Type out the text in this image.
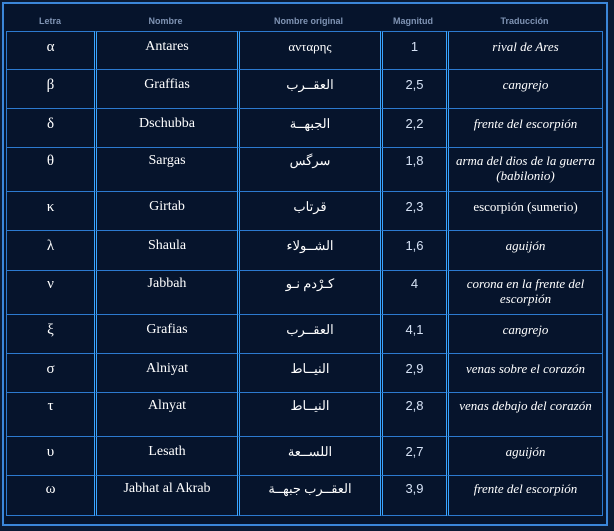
Letra	Nombre	Nombre original	Magnitud	Traducción
α	Antares	ανταρης	1	rival de Ares
β	Graffias	العقــرب	2,5	cangrejo
δ	Dschubba	الجبهــة	2,2	frente del escorpión
θ	Sargas	سرگس	1,8	arma del dios de la guerra (babilonio)
κ	Girtab	قرتاب	2,3	escorpión (sumerio)
λ	Shaula	الشــولاء	1,6	aguijón
ν	Jabbah	كـرْدم نـو	4	corona en la frente del escorpión
ξ	Grafias	العقــرب	4,1	cangrejo
σ	Alniyat	النيــاط	2,9	venas sobre el corazón
τ	Alnyat	النيــاط	2,8	venas debajo del corazón
υ	Lesath	اللســعة	2,7	aguijón
ω	Jabhat al Akrab	العقــرب جبهــة	3,9	frente del escorpión
